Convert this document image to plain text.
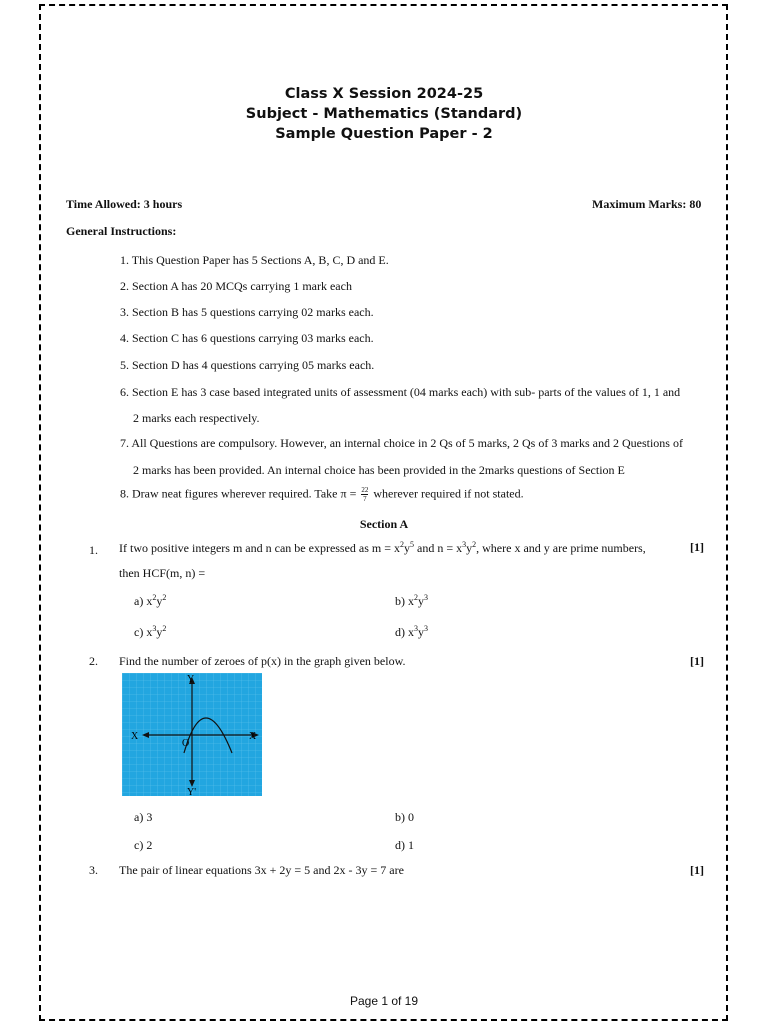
Class X Session 2024-25
Subject - Mathematics (Standard)
Sample Question Paper - 2
Time Allowed: 3 hours	Maximum Marks: 80
General Instructions:
1. This Question Paper has 5 Sections A, B, C, D and E.
2. Section A has 20 MCQs carrying 1 mark each
3. Section B has 5 questions carrying 02 marks each.
4. Section C has 6 questions carrying 03 marks each.
5. Section D has 4 questions carrying 05 marks each.
6. Section E has 3 case based integrated units of assessment (04 marks each) with sub- parts of the values of 1, 1 and
2 marks each respectively.
7. All Questions are compulsory. However, an internal choice in 2 Qs of 5 marks, 2 Qs of 3 marks and 2 Questions of
2 marks has been provided. An internal choice has been provided in the 2marks questions of Section E
8. Draw neat figures wherever required. Take $\pi = \frac{22}{7}$ wherever required if not stated.
Section A
1. If two positive integers m and n can be expressed as $m = x^2y^5$ and $n = x^3y^2$, where x and y are prime numbers,	[1]
then HCF(m, n) =
a) $x^2y^2$	b) $x^2y^3$
c) $x^3y^2$	d) $x^3y^3$
2. Find the number of zeroes of p(x) in the graph given below.	[1]
Y
Y'
X	X
O
a) 3	b) 0
c) 2	d) 1
3. The pair of linear equations 3x + 2y = 5 and 2x - 3y = 7 are	[1]
Page 1 of 19
